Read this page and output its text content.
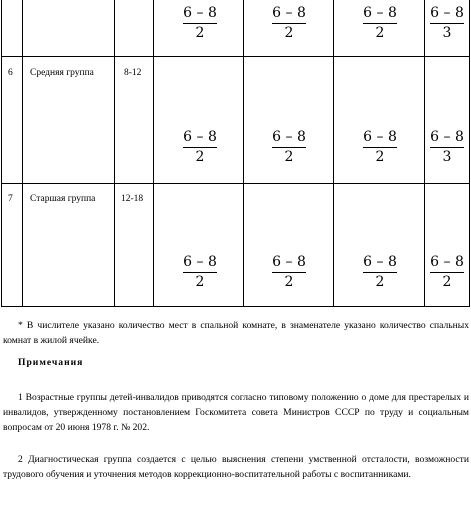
6 – 8
2
6 – 8
2
6 – 8
2
6 – 8
3
6 Средняя группа	8-12
6 – 8
2
6 – 8
2
6 – 8
2
6 – 8
3
7 Старшая группа	12-18
6 – 8
2
6 – 8
2
6 – 8
2
6 – 8
2
* В числителе указано количество мест в спальной комнате, в знаменателе указано количество спальных комнат в жилой ячейке.
Примечания
1 Возрастные группы детей-инвалидов приводятся согласно типовому положению о доме для престарелых и инвалидов, утвержденному постановлением Госкомитета совета Министров СССР по труду и социальным вопросам от 20 июня 1978 г. № 202.
2 Диагностическая группа создается с целью выяснения степени умственной отсталости, возможности трудового обучения и уточнения методов коррекционно-воспитательной работы с воспитанниками.
